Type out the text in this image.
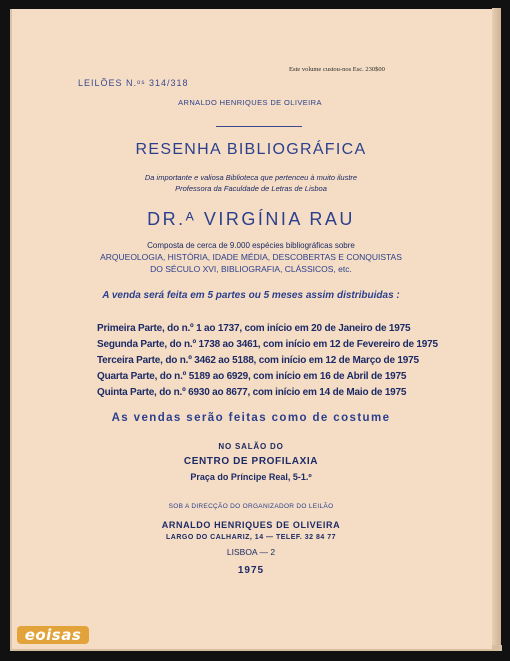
LEILÕES N.ᵒˢ 314/318
Este volume custou-nos Esc. 230$00
ARNALDO HENRIQUES DE OLIVEIRA
RESENHA BIBLIOGRÁFICA
Da importante e valiosa Biblioteca que pertenceu à muito ilustre
Professora da Faculdade de Letras de Lisboa
DR.ᴬ VIRGÍNIA RAU
Composta de cerca de 9.000 espécies bibliográficas sobre
ARQUEOLOGIA, HISTÓRIA, IDADE MÉDIA, DESCOBERTAS E CONQUISTAS
DO SÉCULO XVI, BIBLIOGRAFIA, CLÁSSICOS, etc.
A venda será feita em 5 partes ou 5 meses assim distribuidas :
Primeira Parte, do n.º 1 ao 1737, com início em 20 de Janeiro de 1975
Segunda Parte, do n.º 1738 ao 3461, com início em 12 de Fevereiro de 1975
Terceira Parte, do n.º 3462 ao 5188, com início em 12 de Março de 1975
Quarta Parte, do n.º 5189 ao 6929, com início em 16 de Abril de 1975
Quinta Parte, do n.º 6930 ao 8677, com início em 14 de Maio de 1975
As vendas serão feitas como de costume
NO SALÃO DO
CENTRO DE PROFILAXIA
Praça do Príncipe Real, 5-1.º
SOB A DIRECÇÃO DO ORGANIZADOR DO LEILÃO
ARNALDO HENRIQUES DE OLIVEIRA
LARGO DO CALHARIZ, 14 — TELEF. 32 84 77
LISBOA — 2
1975
eoisas
